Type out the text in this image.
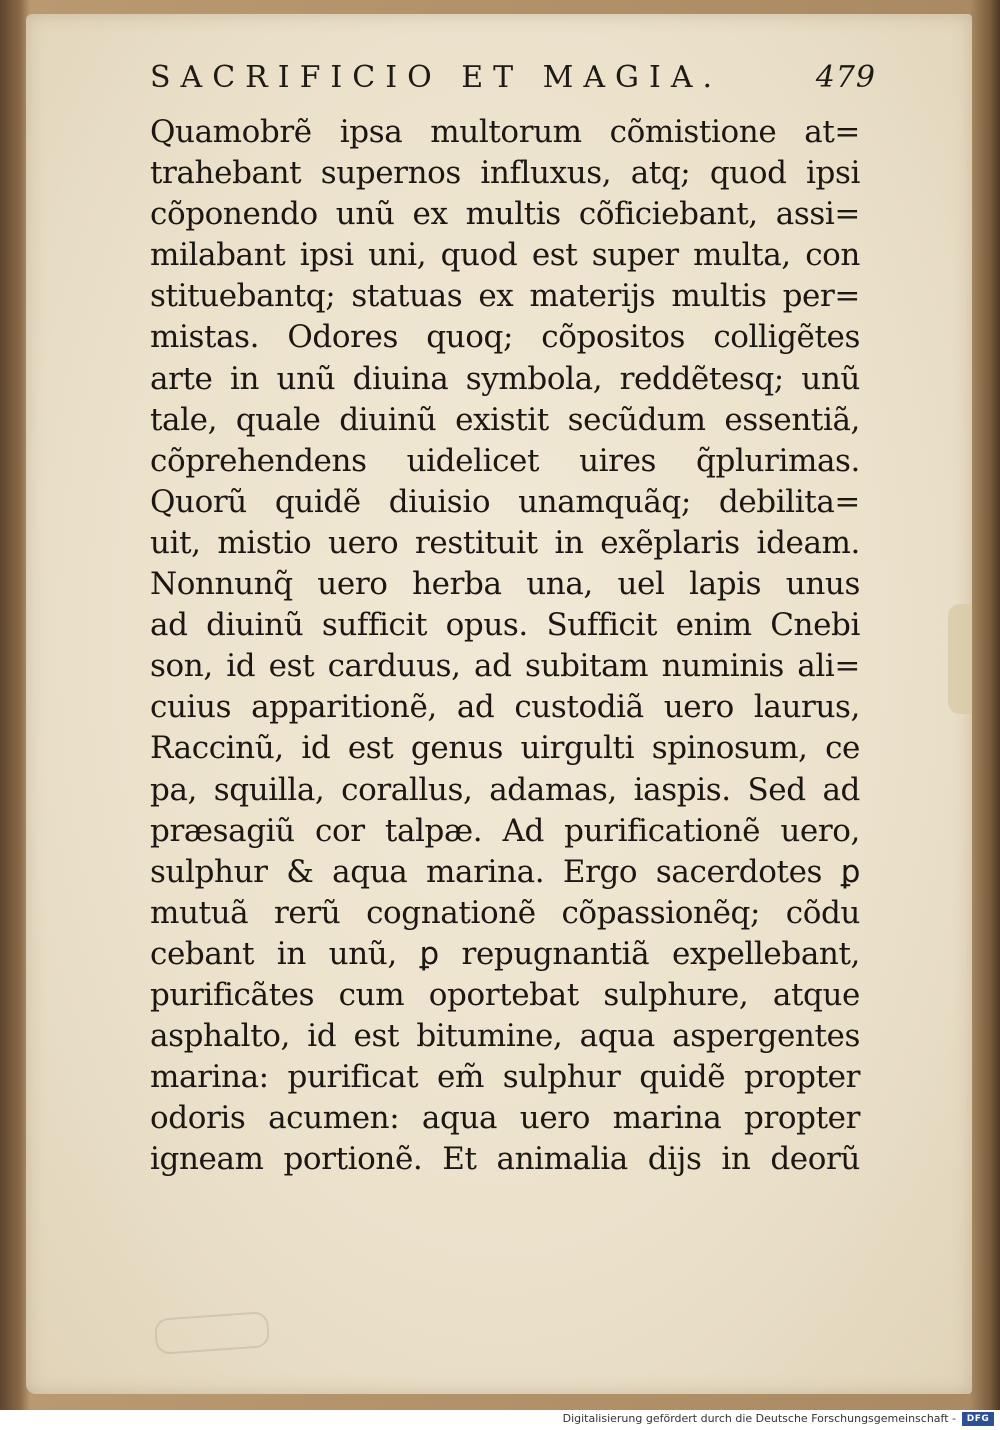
SACRIFICIO ET MAGIA.	479
Quamobrẽ ipsa multorum cõmistione at=
trahebant supernos influxus, atq; quod ipsi
cõponendo unũ ex multis cõficiebant, assi=
milabant ipsi uni, quod est super multa, con
stituebantq; statuas ex materijs multis per=
mistas. Odores quoq; cõpositos colligẽtes
arte in unũ diuina symbola, reddẽtesq; unũ
tale, quale diuinũ existit secũdum essentiã,
cõprehendens uidelicet uires q̃plurimas.
Quorũ quidẽ diuisio unamquãq; debilita=
uit, mistio uero restituit in exẽplaris ideam.
Nonnunq̃ uero herba una, uel lapis unus
ad diuinũ sufficit opus. Sufficit enim Cnebi
son, id est carduus, ad subitam numinis ali=
cuius apparitionẽ, ad custodiã uero laurus,
Raccinũ, id est genus uirgulti spinosum, ce
pa, squilla, corallus, adamas, iaspis. Sed ad
præsagiũ cor talpæ. Ad purificationẽ uero,
sulphur & aqua marina. Ergo sacerdotes ꝑ
mutuã rerũ cognationẽ cõpassionẽq; cõdu
cebant in unũ, ꝑ repugnantiã expellebant,
purificãtes cum oportebat sulphure, atque
asphalto, id est bitumine, aqua aspergentes
marina: purificat em̃ sulphur quidẽ propter
odoris acumen: aqua uero marina propter
igneam portionẽ. Et animalia dijs in deorũ
Digitalisierung gefördert durch die Deutsche Forschungsgemeinschaft -	DFG
